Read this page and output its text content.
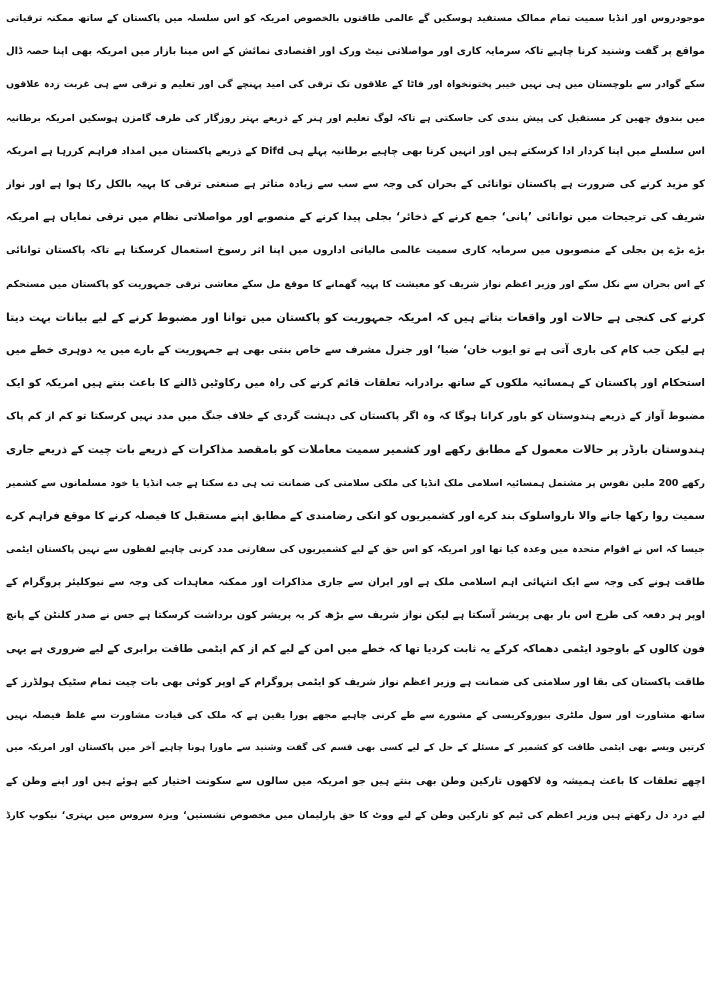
موجودروس اور انڈیا سمیت تمام ممالک مستفید ہوسکیں گے عالمی طاقتوں بالخصوص امریکہ کو اس سلسلہ میں پاکستان کے ساتھ ممکنہ ترقیاتی
مواقع پر گفت وشنید کرنا چاہیے تاکہ سرمایہ کاری اور مواصلاتی نیٹ ورک اور اقتصادی نمائش کے اس مینا بازار میں امریکہ بھی اپنا حصہ ڈال
سکے گوادر سے بلوچستان میں ہی نہیں خیبر پختونخواہ اور فاٹا کے علاقوں تک ترقی کی امید پہنچے گی اور تعلیم و ترقی سے ہی غربت زدہ علاقوں
میں بندوق چھین کر مستقبل کی پیش بندی کی جاسکتی ہے تاکہ لوگ تعلیم اور ہنر کے ذریعے بہتر روزگار کی طرف گامزن ہوسکیں امریکہ برطانیہ
اس سلسلے میں اپنا کردار ادا کرسکتے ہیں اور انہیں کرنا بھی چاہیے برطانیہ پہلے ہی Difd کے ذریعے پاکستان میں امداد فراہم کررہا ہے امریکہ
کو مزید کرنے کی ضرورت ہے پاکستان توانائی کے بحران کی وجہ سے سب سے زیادہ متاثر ہے صنعتی ترقی کا پہیہ بالکل رکا ہوا ہے اور نواز
شریف کی ترجیحات میں توانائی ’پانی‘ جمع کرنے کے ذخائر‘ بجلی پیدا کرنے کے منصوبے اور مواصلاتی نظام میں ترقی نمایاں ہے امریکہ
بڑے بڑے پن بجلی کے منصوبوں میں سرمایہ کاری سمیت عالمی مالیاتی اداروں میں اپنا اثر رسوخ استعمال کرسکتا ہے تاکہ پاکستان توانائی
کے اس بحران سے نکل سکے اور وزیر اعظم نواز شریف کو معیشت کا پہیہ گھمانے کا موقع مل سکے معاشی ترقی جمہوریت کو پاکستان میں مستحکم
کرنے کی کنجی ہے حالات اور واقعات بتاتے ہیں کہ امریکہ جمہوریت کو پاکستان میں توانا اور مضبوط کرنے کے لیے بیانات بہت دیتا
ہے لیکن جب کام کی باری آتی ہے تو ایوب خان‘ ضیا‘ اور جنرل مشرف سے خاص بنتی بھی ہے جمہوریت کے بارے میں یہ دوہری خطے میں
استحکام اور پاکستان کے ہمسائیہ ملکوں کے ساتھ برادرانہ تعلقات قائم کرنے کی راہ میں رکاوٹیں ڈالنے کا باعث بنتے ہیں امریکہ کو ایک
مضبوط آواز کے ذریعے ہندوستان کو باور کرانا ہوگا کہ وہ اگر پاکستان کی دہشت گردی کے خلاف جنگ میں مدد نہیں کرسکتا تو کم از کم پاک
ہندوستان بارڈر پر حالات معمول کے مطابق رکھے اور کشمیر سمیت معاملات کو بامقصد مذاکرات کے ذریعے بات چیت کے ذریعے جاری
رکھے 200 ملین نفوس پر مشتمل ہمسائیہ اسلامی ملک انڈیا کی ملکی سلامتی کی ضمانت تب ہی دے سکتا ہے جب انڈیا یا خود مسلمانوں سے کشمیر
سمیت روا رکھا جانے والا نارواسلوک بند کرے اور کشمیریوں کو انکی رضامندی کے مطابق اپنے مستقبل کا فیصلہ کرنے کا موقع فراہم کرے
جیسا کہ اس نے اقوام متحدہ میں وعدہ کیا تھا اور امریکہ کو اس حق کے لیے کشمیریوں کی سفارتی مدد کرنی چاہیے لفظوں سے نہیں پاکستان ایٹمی
طاقت ہونے کی وجہ سے ایک انتہائی اہم اسلامی ملک ہے اور ایران سے جاری مذاکرات اور ممکنہ معاہدات کی وجہ سے نیوکلیئر پروگرام کے
اوپر ہر دفعہ کی طرح اس بار بھی پریشر آسکتا ہے لیکن نواز شریف سے بڑھ کر یہ پریشر کون برداشت کرسکتا ہے جس نے صدر کلنٹن کے پانچ
فون کالوں کے باوجود ایٹمی دھماکہ کرکے یہ ثابت کردیا تھا کہ خطے میں امن کے لیے کم از کم ایٹمی طاقت برابری کے لیے ضروری ہے یہی
طاقت پاکستان کی بقا اور سلامتی کی ضمانت ہے وزیر اعظم نواز شریف کو ایٹمی پروگرام کے اوپر کوئی بھی بات چیت تمام سٹیک ہولڈرز کے
ساتھ مشاورت اور سول ملٹری بیوروکریسی کے مشورے سے طے کرنی چاہیے مجھے پورا یقین ہے کہ ملک کی قیادت مشاورت سے غلط فیصلہ نہیں
کرتیں ویسے بھی ایٹمی طاقت کو کشمیر کے مسئلے کے حل کے لیے کسی بھی قسم کی گفت وشنید سے ماورا ہونا چاہیے آخر میں پاکستان اور امریکہ میں
اچھے تعلقات کا باعث ہمیشہ وہ لاکھوں تارکین وطن بھی بنتے ہیں جو امریکہ میں سالوں سے سکونت اختیار کیے ہوئے ہیں اور اپنے وطن کے
لیے درد دل رکھتے ہیں وزیر اعظم کی ٹیم کو تارکین وطن کے لیے ووٹ کا حق پارلیمان میں مخصوص نشستیں‘ ویزہ سروس میں بہتری‘ نیکوپ کارڈ
